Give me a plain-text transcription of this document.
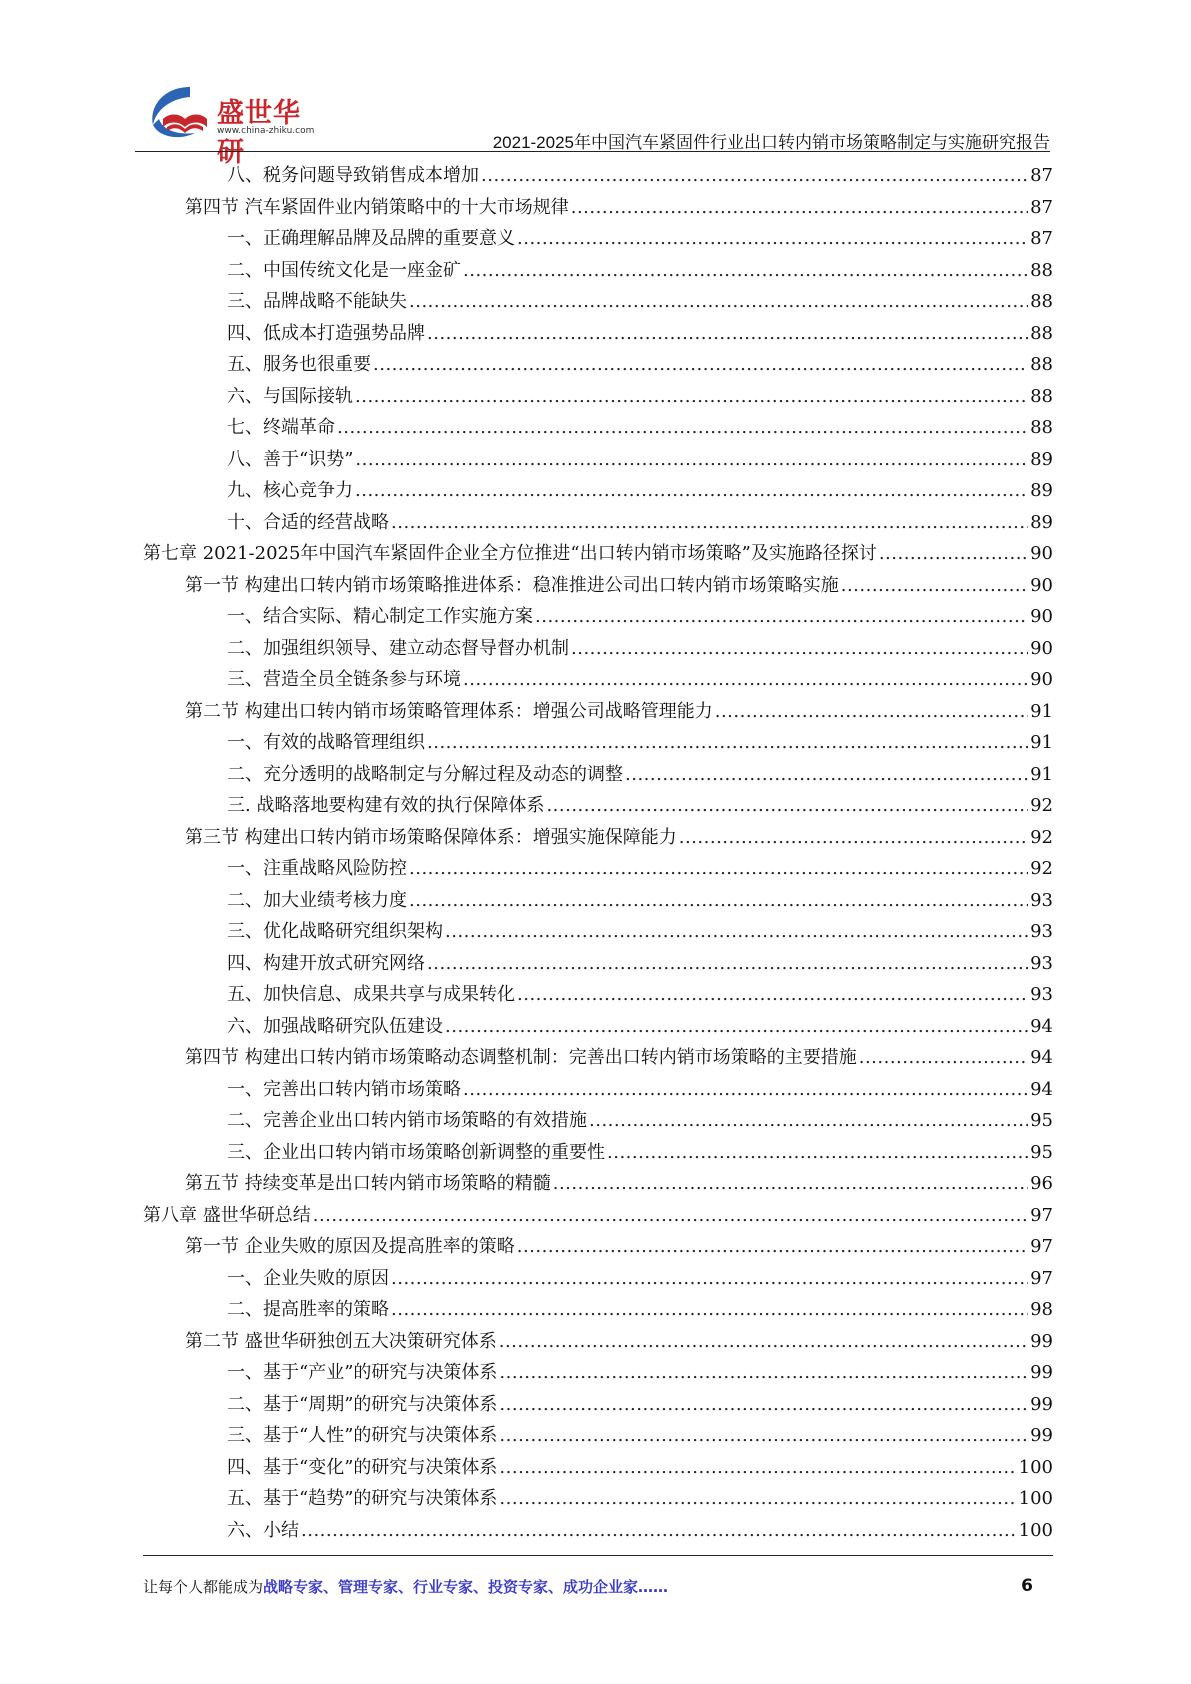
盛世华研
www.china-zhiku.com
2021-2025年中国汽车紧固件行业出口转内销市场策略制定与实施研究报告
八、税务问题导致销售成本增加 .....	87
第四节 汽车紧固件业内销策略中的十大市场规律 .....	87
一、正确理解品牌及品牌的重要意义 .....	87
二、中国传统文化是一座金矿 .....	88
三、品牌战略不能缺失 .....	88
四、低成本打造强势品牌 .....	88
五、服务也很重要 .....	88
六、与国际接轨 .....	88
七、终端革命 .....	88
八、善于“识势” .....	89
九、核心竞争力 .....	89
十、合适的经营战略 .....	89
第七章 2021-2025年中国汽车紧固件企业全方位推进“出口转内销市场策略”及实施路径探讨 .....	90
第一节 构建出口转内销市场策略推进体系：稳准推进公司出口转内销市场策略实施 .....	90
一、结合实际、精心制定工作实施方案 .....	90
二、加强组织领导、建立动态督导督办机制 .....	90
三、营造全员全链条参与环境 .....	90
第二节 构建出口转内销市场策略管理体系：增强公司战略管理能力 .....	91
一、有效的战略管理组织 .....	91
二、充分透明的战略制定与分解过程及动态的调整 .....	91
三. 战略落地要构建有效的执行保障体系 .....	92
第三节 构建出口转内销市场策略保障体系：增强实施保障能力 .....	92
一、注重战略风险防控 .....	92
二、加大业绩考核力度 .....	93
三、优化战略研究组织架构 .....	93
四、构建开放式研究网络 .....	93
五、加快信息、成果共享与成果转化 .....	93
六、加强战略研究队伍建设 .....	94
第四节 构建出口转内销市场策略动态调整机制：完善出口转内销市场策略的主要措施 .....	94
一、完善出口转内销市场策略 .....	94
二、完善企业出口转内销市场策略的有效措施 .....	95
三、企业出口转内销市场策略创新调整的重要性 .....	95
第五节 持续变革是出口转内销市场策略的精髓 .....	96
第八章 盛世华研总结 .....	97
第一节 企业失败的原因及提高胜率的策略 .....	97
一、企业失败的原因 .....	97
二、提高胜率的策略 .....	98
第二节 盛世华研独创五大决策研究体系 .....	99
一、基于“产业”的研究与决策体系 .....	99
二、基于“周期”的研究与决策体系 .....	99
三、基于“人性”的研究与决策体系 .....	99
四、基于“变化”的研究与决策体系 .....	100
五、基于“趋势”的研究与决策体系 .....	100
六、小结 .....	100
让每个人都能成为战略专家、管理专家、行业专家、投资专家、成功企业家……	6
